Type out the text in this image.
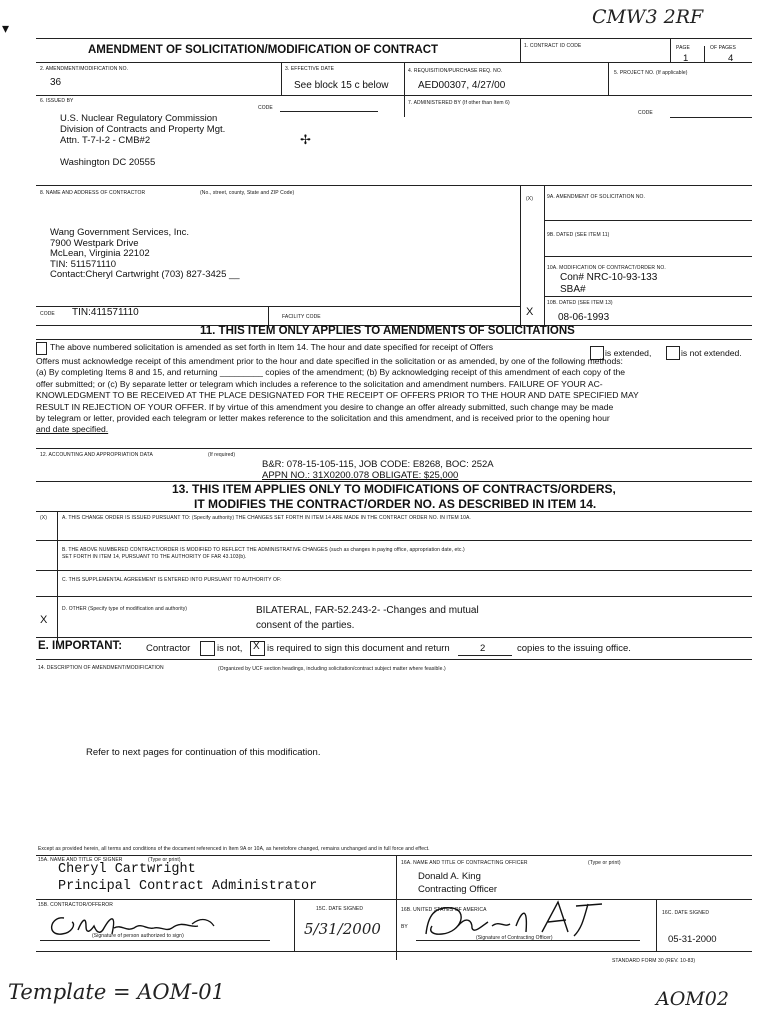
CMW3 2RF
▾
AMENDMENT OF SOLICITATION/MODIFICATION OF CONTRACT	1. CONTRACT ID CODE	PAGE	OF PAGES
1	4
2. AMENDMENT/MODIFICATION NO.
36
3. EFFECTIVE DATE
See block 15 c below
4. REQUISITION/PURCHASE REQ. NO.
AED00307, 4/27/00
5. PROJECT NO. (If applicable)
6. ISSUED BY
CODE
U.S. Nuclear Regulatory Commission
Division of Contracts and Property Mgt.
Attn. T-7-I-2 - CMB#2
Washington DC 20555
✢
7. ADMINISTERED BY (If other than Item 6)
CODE
8. NAME AND ADDRESS OF CONTRACTOR	(No., street, county, State and ZIP Code)
Wang Government Services, Inc.
7900 Westpark Drive
McLean, Virginia 22102
TIN: 511571110
Contact:Cheryl Cartwright (703) 827-3425 __
(X)	9A. AMENDMENT OF SOLICITATION NO.
9B. DATED (SEE ITEM 11)
10A. MODIFICATION OF CONTRACT/ORDER NO.
Con# NRC-10-93-133
SBA#
10B. DATED (SEE ITEM 13)
08-06-1993
X
CODE TIN:411571110	FACILITY CODE
11. THIS ITEM ONLY APPLIES TO AMENDMENTS OF SOLICITATIONS
The above numbered solicitation is amended as set forth in Item 14. The hour and date specified for receipt of Offers
is extended,	is not extended.
Offers must acknowledge receipt of this amendment prior to the hour and date specified in the solicitation or as amended, by one of the following methods:
(a) By completing Items 8 and 15, and returning _________ copies of the amendment; (b) By acknowledging receipt of this amendment of each copy of the
offer submitted; or (c) By separate letter or telegram which includes a reference to the solicitation and amendment numbers. FAILURE OF YOUR AC-
KNOWLEDGMENT TO BE RECEIVED AT THE PLACE DESIGNATED FOR THE RECEIPT OF OFFERS PRIOR TO THE HOUR AND DATE SPECIFIED MAY
RESULT IN REJECTION OF YOUR OFFER. If by virtue of this amendment you desire to change an offer already submitted, such change may be made
by telegram or letter, provided each telegram or letter makes reference to the solicitation and this amendment, and is received prior to the opening hour
and date specified.
12. ACCOUNTING AND APPROPRIATION DATA	(If required)
B&R: 078-15-105-115, JOB CODE: E8268, BOC: 252A
APPN NO.: 31X0200.078 OBLIGATE: $25,000
13. THIS ITEM APPLIES ONLY TO MODIFICATIONS OF CONTRACTS/ORDERS,
IT MODIFIES THE CONTRACT/ORDER NO. AS DESCRIBED IN ITEM 14.
(X)	A. THIS CHANGE ORDER IS ISSUED PURSUANT TO: (Specify authority) THE CHANGES SET FORTH IN ITEM 14 ARE MADE IN THE CONTRACT ORDER NO. IN ITEM 10A.
B. THE ABOVE NUMBERED CONTRACT/ORDER IS MODIFIED TO REFLECT THE ADMINISTRATIVE CHANGES (such as changes in paying office, appropriation date, etc.)
SET FORTH IN ITEM 14, PURSUANT TO THE AUTHORITY OF FAR 43.103(b).
C. THIS SUPPLEMENTAL AGREEMENT IS ENTERED INTO PURSUANT TO AUTHORITY OF:
D. OTHER (Specify type of modification and authority)	BILATERAL, FAR-52.243-2- -Changes and mutual
consent of the parties.
X
E. IMPORTANT:	Contractor	is not, X is required to sign this document and return	2	copies to the issuing office.
14. DESCRIPTION OF AMENDMENT/MODIFICATION	(Organized by UCF section headings, including solicitation/contract subject matter where feasible.)
Refer to next pages for continuation of this modification.
Except as provided herein, all terms and conditions of the document referenced in Item 9A or 10A, as heretofore changed, remains unchanged and in full force and effect.
15A. NAME AND TITLE OF SIGNER	(Type or print)
Cheryl Cartwright
Principal Contract Administrator
15B. CONTRACTOR/OFFEROR
15C. DATE SIGNED
(Signature of person authorized to sign)	5/31/2000
16A. NAME AND TITLE OF CONTRACTING OFFICER	(Type or print)
Donald A. King
Contracting Officer
16B. UNITED STATES OF AMERICA
BY
(Signature of Contracting Officer)
16C. DATE SIGNED
05-31-2000
STANDARD FORM 30 (REV. 10-83)
Template = AOM-01	AOM02
